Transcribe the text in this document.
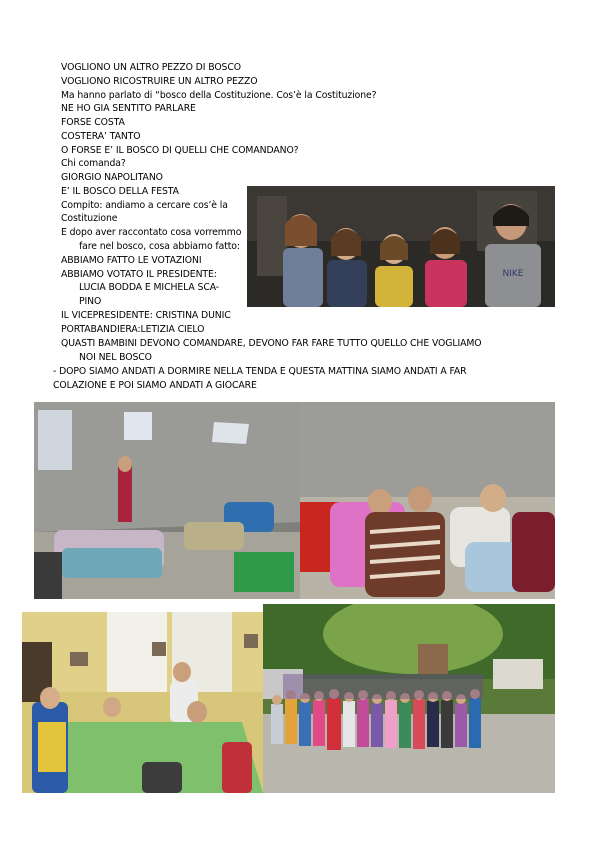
VOGLIONO UN ALTRO PEZZO DI BOSCO
VOGLIONO RICOSTRUIRE UN ALTRO PEZZO
Ma hanno parlato di “bosco della Costituzione. Cos’è la Costituzione?
NE HO GIA SENTITO PARLARE
FORSE COSTA
COSTERA’ TANTO
O FORSE E’ IL BOSCO DI QUELLI CHE COMANDANO?
Chi comanda?
GIORGIO NAPOLITANO
E’ IL BOSCO DELLA FESTA
Compito: andiamo a cercare cos’è la
Costituzione
E dopo aver raccontato cosa vorremmo
fare nel bosco, cosa abbiamo fatto:
ABBIAMO FATTO LE VOTAZIONI
ABBIAMO VOTATO IL PRESIDENTE:
LUCIA BODDA E MICHELA SCA-
PINO
IL VICEPRESIDENTE: CRISTINA DUNIC
PORTABANDIERA:LETIZIA CIELO
QUASTI BAMBINI DEVONO COMANDARE, DEVONO FAR FARE TUTTO QUELLO CHE VOGLIAMO
NOI NEL BOSCO
- DOPO SIAMO ANDATI A DORMIRE NELLA TENDA E QUESTA MATTINA SIAMO ANDATI A FAR
COLAZIONE E POI SIAMO ANDATI A GIOCARE
NIKE
